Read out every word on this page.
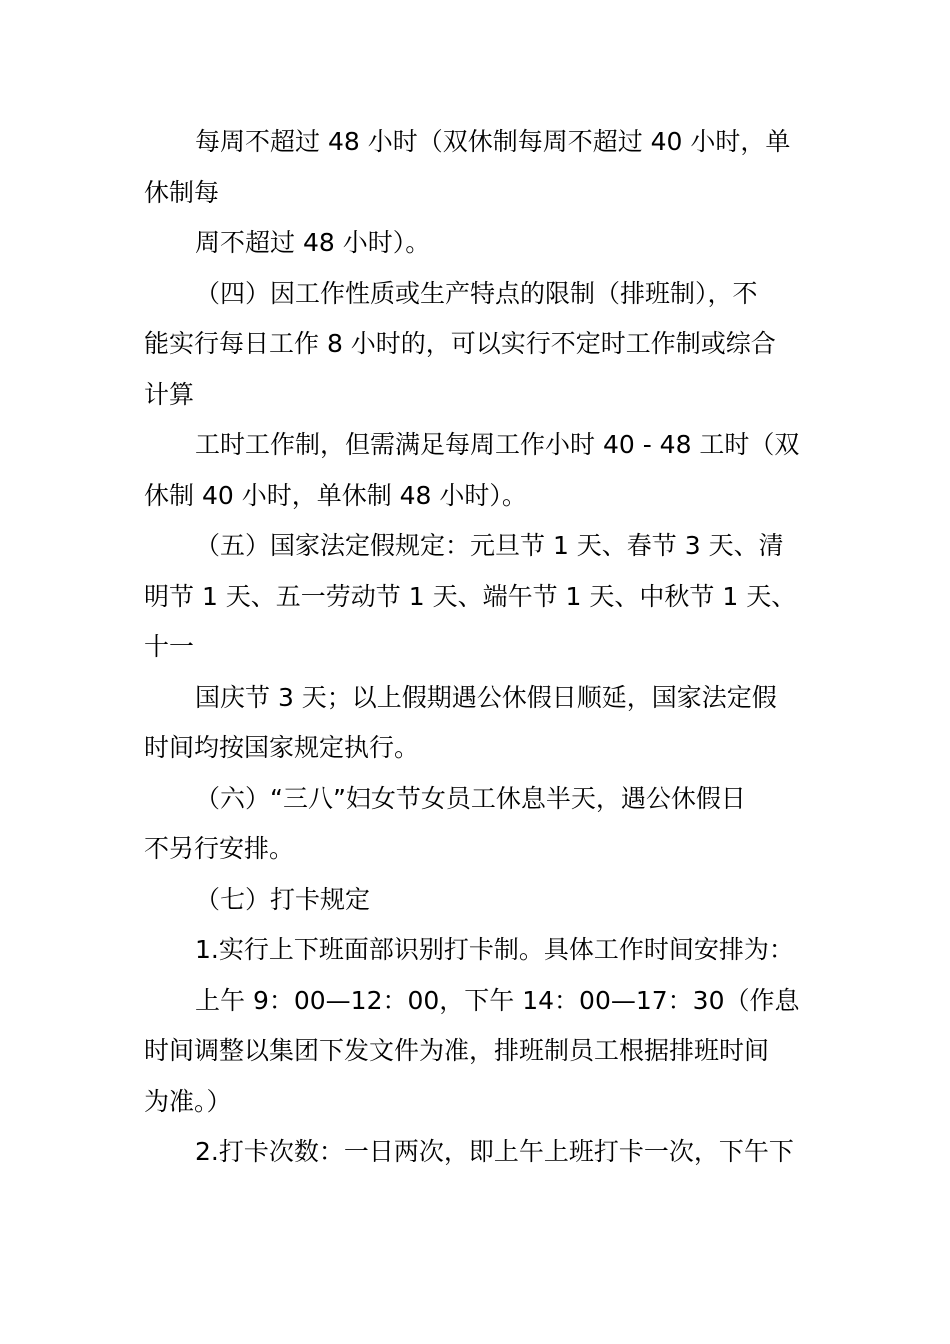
每周不超过 48 小时（双休制每周不超过 40 小时，单
休制每
周不超过 48 小时）。
（四）因工作性质或生产特点的限制（排班制），不
能实行每日工作 8 小时的，可以实行不定时工作制或综合
计算
工时工作制，但需满足每周工作小时 40 - 48 工时（双
休制 40 小时，单休制 48 小时）。
（五）国家法定假规定：元旦节 1 天、春节 3 天、清
明节 1 天、五一劳动节 1 天、端午节 1 天、中秋节 1 天、
十一
国庆节 3 天；以上假期遇公休假日顺延，国家法定假
时间均按国家规定执行。
（六）“三八”妇女节女员工休息半天，遇公休假日
不另行安排。
（七）打卡规定
1.实行上下班面部识别打卡制。具体工作时间安排为：
上午 9：00—12：00，下午 14：00—17：30（作息
时间调整以集团下发文件为准，排班制员工根据排班时间
为准。）
2.打卡次数：一日两次，即上午上班打卡一次，下午下
